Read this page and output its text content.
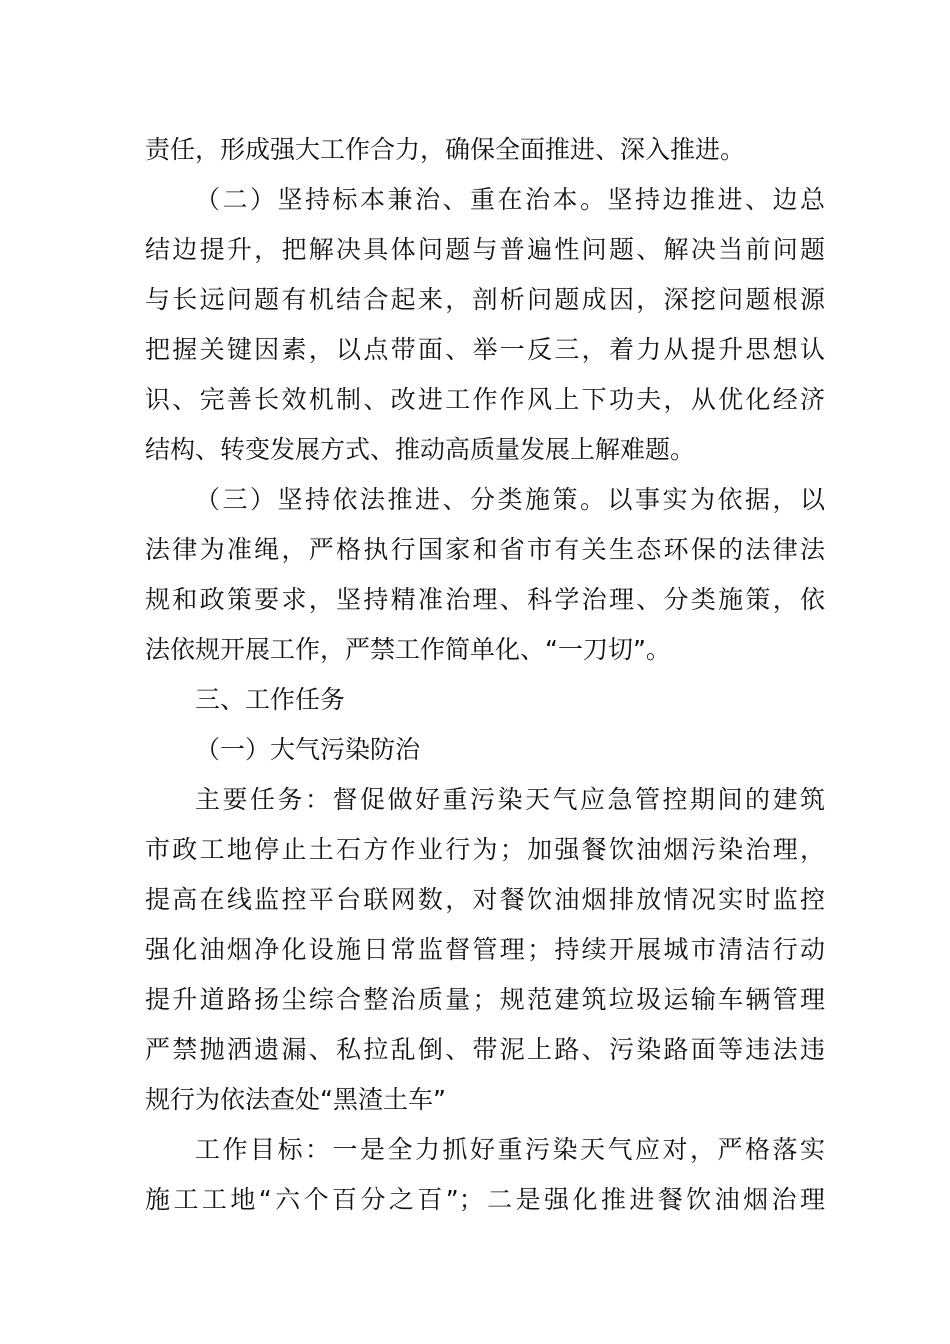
责任，形成强大工作合力，确保全面推进、深入推进。
（二）坚持标本兼治、重在治本。坚持边推进、边总
结边提升，把解决具体问题与普遍性问题、解决当前问题
与长远问题有机结合起来，剖析问题成因，深挖问题根源
把握关键因素，以点带面、举一反三，着力从提升思想认
识、完善长效机制、改进工作作风上下功夫，从优化经济
结构、转变发展方式、推动高质量发展上解难题。
（三）坚持依法推进、分类施策。以事实为依据，以
法律为准绳，严格执行国家和省市有关生态环保的法律法
规和政策要求，坚持精准治理、科学治理、分类施策，依
法依规开展工作，严禁工作简单化、“一刀切”。
三、工作任务
（一）大气污染防治
主要任务：督促做好重污染天气应急管控期间的建筑
市政工地停止土石方作业行为；加强餐饮油烟污染治理，
提高在线监控平台联网数，对餐饮油烟排放情况实时监控
强化油烟净化设施日常监督管理；持续开展城市清洁行动
提升道路扬尘综合整治质量；规范建筑垃圾运输车辆管理
严禁抛洒遗漏、私拉乱倒、带泥上路、污染路面等违法违
规行为依法查处“黑渣土车”
工作目标：一是全力抓好重污染天气应对，严格落实
施工工地“六个百分之百”；二是强化推进餐饮油烟治理
